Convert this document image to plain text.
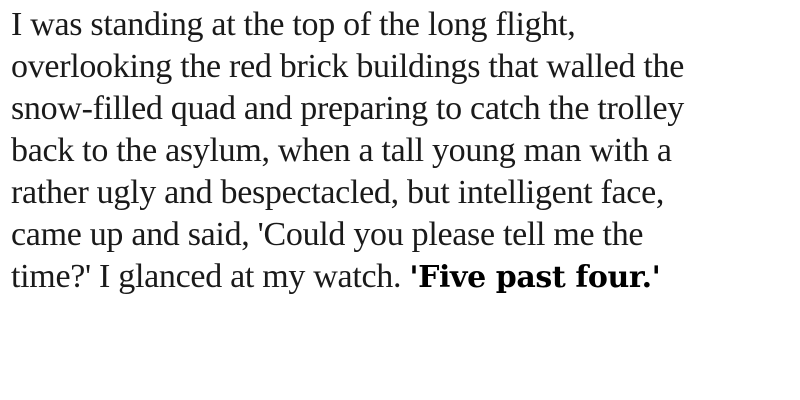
I was standing at the top of the long flight,
overlooking the red brick buildings that walled the
snow-filled quad and preparing to catch the trolley
back to the asylum, when a tall young man with a
rather ugly and bespectacled, but intelligent face,
came up and said, 'Could you please tell me the
time?' I glanced at my watch. 'Five past four.'
